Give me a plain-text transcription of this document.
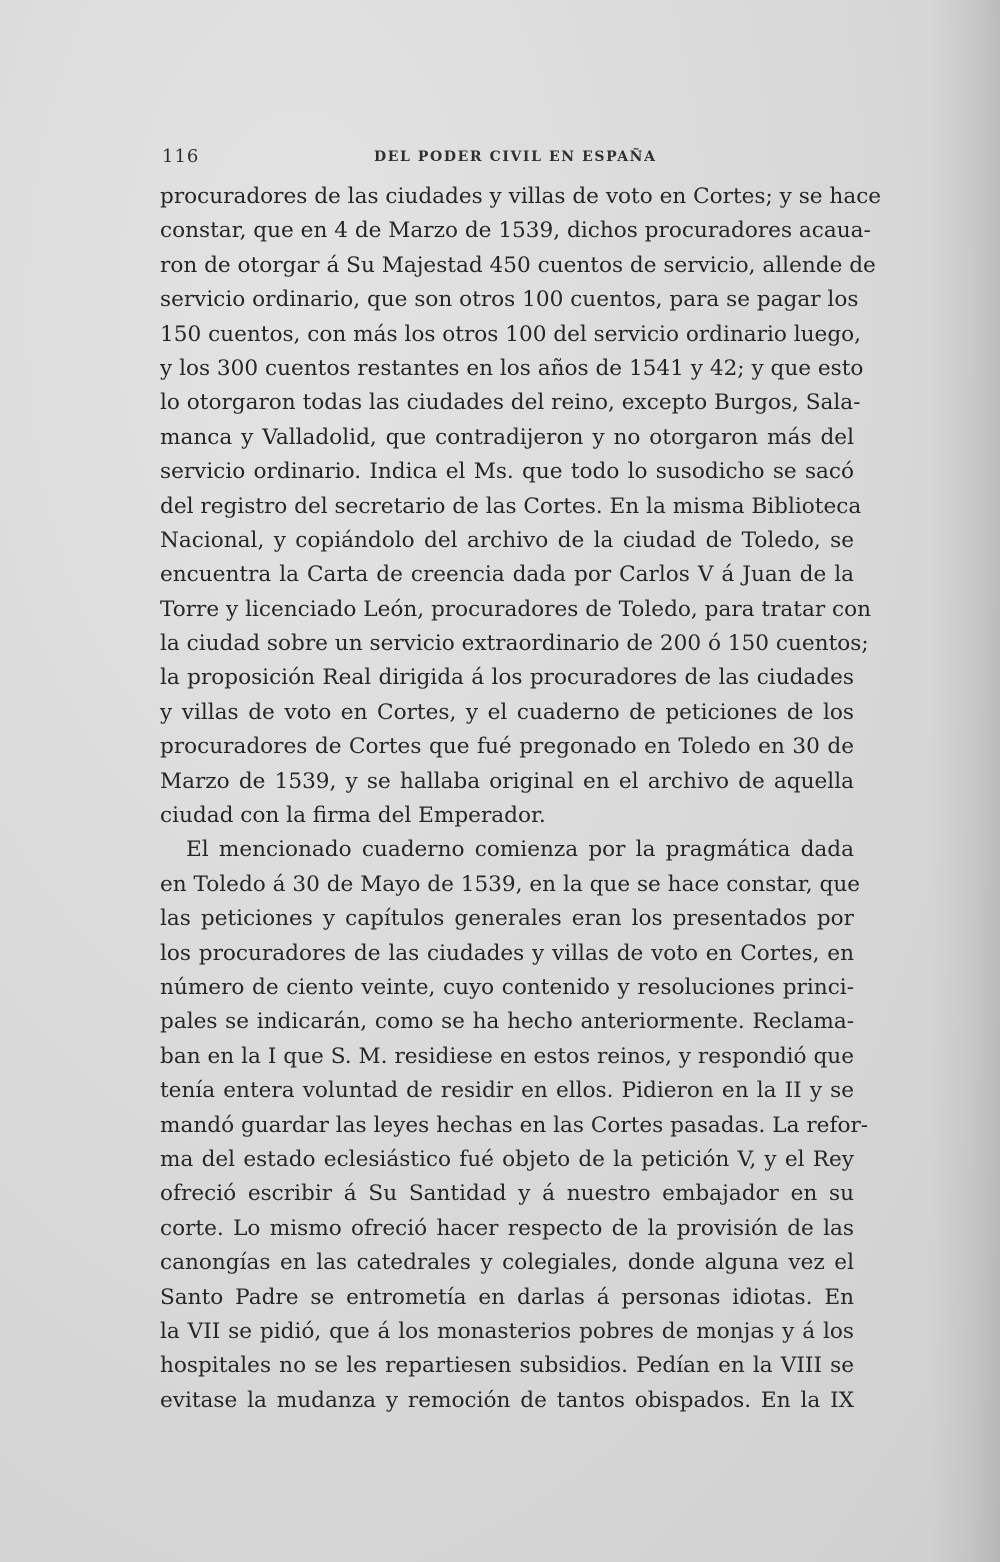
116	DEL PODER CIVIL EN ESPAÑA
procuradores de las ciudades y villas de voto en Cortes; y se hace
constar, que en 4 de Marzo de 1539, dichos procuradores acaua-
ron de otorgar á Su Majestad 450 cuentos de servicio, allende de
servicio ordinario, que son otros 100 cuentos, para se pagar los
150 cuentos, con más los otros 100 del servicio ordinario luego,
y los 300 cuentos restantes en los años de 1541 y 42; y que esto
lo otorgaron todas las ciudades del reino, excepto Burgos, Sala-
manca y Valladolid, que contradijeron y no otorgaron más del
servicio ordinario. Indica el Ms. que todo lo susodicho se sacó
del registro del secretario de las Cortes. En la misma Biblioteca
Nacional, y copiándolo del archivo de la ciudad de Toledo, se
encuentra la Carta de creencia dada por Carlos V á Juan de la
Torre y licenciado León, procuradores de Toledo, para tratar con
la ciudad sobre un servicio extraordinario de 200 ó 150 cuentos;
la proposición Real dirigida á los procuradores de las ciudades
y villas de voto en Cortes, y el cuaderno de peticiones de los
procuradores de Cortes que fué pregonado en Toledo en 30 de
Marzo de 1539, y se hallaba original en el archivo de aquella
ciudad con la firma del Emperador.
El mencionado cuaderno comienza por la pragmática dada
en Toledo á 30 de Mayo de 1539, en la que se hace constar, que
las peticiones y capítulos generales eran los presentados por
los procuradores de las ciudades y villas de voto en Cortes, en
número de ciento veinte, cuyo contenido y resoluciones princi-
pales se indicarán, como se ha hecho anteriormente. Reclama-
ban en la I que S. M. residiese en estos reinos, y respondió que
tenía entera voluntad de residir en ellos. Pidieron en la II y se
mandó guardar las leyes hechas en las Cortes pasadas. La refor-
ma del estado eclesiástico fué objeto de la petición V, y el Rey
ofreció escribir á Su Santidad y á nuestro embajador en su
corte. Lo mismo ofreció hacer respecto de la provisión de las
canongías en las catedrales y colegiales, donde alguna vez el
Santo Padre se entrometía en darlas á personas idiotas. En
la VII se pidió, que á los monasterios pobres de monjas y á los
hospitales no se les repartiesen subsidios. Pedían en la VIII se
evitase la mudanza y remoción de tantos obispados. En la IX
